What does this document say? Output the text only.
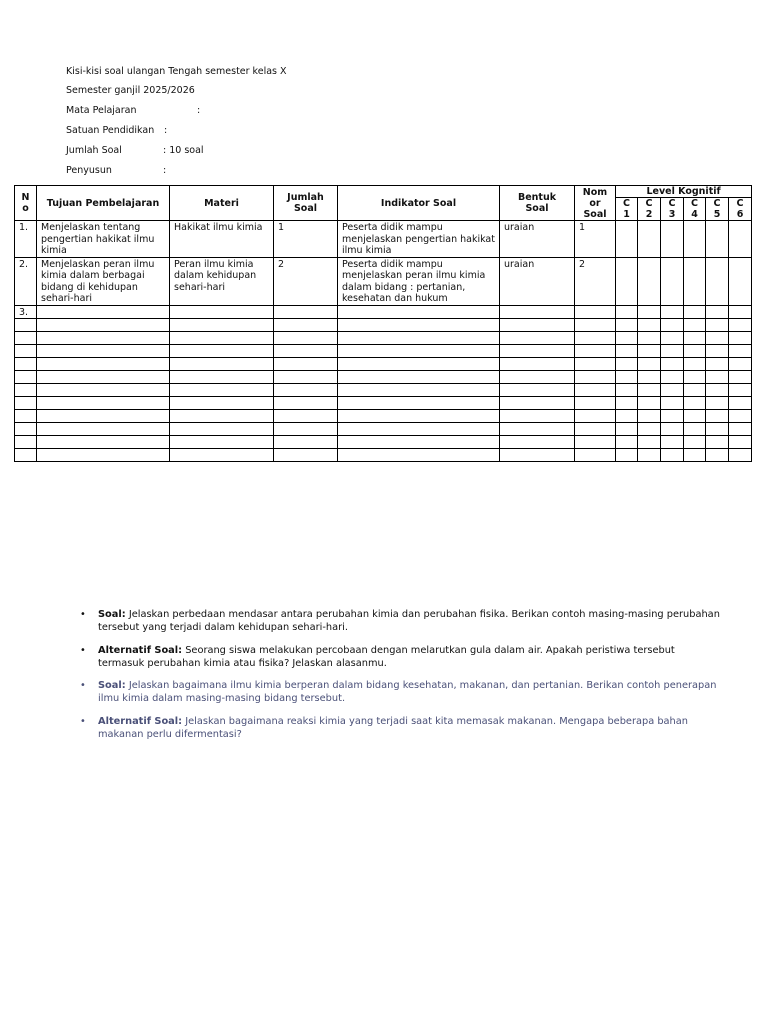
Kisi-kisi soal ulangan Tengah semester kelas X
Semester ganjil 2025/2026
Mata Pelajaran	:
Satuan Pendidikan :
Jumlah Soal	: 10 soal
Penyusun	:
N o	Tujuan Pembelajaran	Materi	Jumlah Soal	Indikator Soal	Bentuk Soal	Nom or Soal	Level Kognitif					
							C 1	C 2	C 3	C 4	C 5	C 6
1.	Menjelaskan tentang pengertian hakikat ilmu kimia	Hakikat ilmu kimia	1	Peserta didik mampu menjelaskan pengertian hakikat ilmu kimia	uraian	1						
2.	Menjelaskan peran ilmu kimia dalam berbagai bidang di kehidupan sehari-hari	Peran ilmu kimia dalam kehidupan sehari-hari	2	Peserta didik mampu menjelaskan peran ilmu kimia dalam bidang : pertanian, kesehatan dan hukum	uraian	2						
3.												

• Soal: Jelaskan perbedaan mendasar antara perubahan kimia dan perubahan fisika. Berikan contoh masing-masing perubahan tersebut yang terjadi dalam kehidupan sehari-hari.
• Alternatif Soal: Seorang siswa melakukan percobaan dengan melarutkan gula dalam air. Apakah peristiwa tersebut termasuk perubahan kimia atau fisika? Jelaskan alasanmu.
• Soal: Jelaskan bagaimana ilmu kimia berperan dalam bidang kesehatan, makanan, dan pertanian. Berikan contoh penerapan ilmu kimia dalam masing-masing bidang tersebut.
• Alternatif Soal: Jelaskan bagaimana reaksi kimia yang terjadi saat kita memasak makanan. Mengapa beberapa bahan makanan perlu difermentasi?
